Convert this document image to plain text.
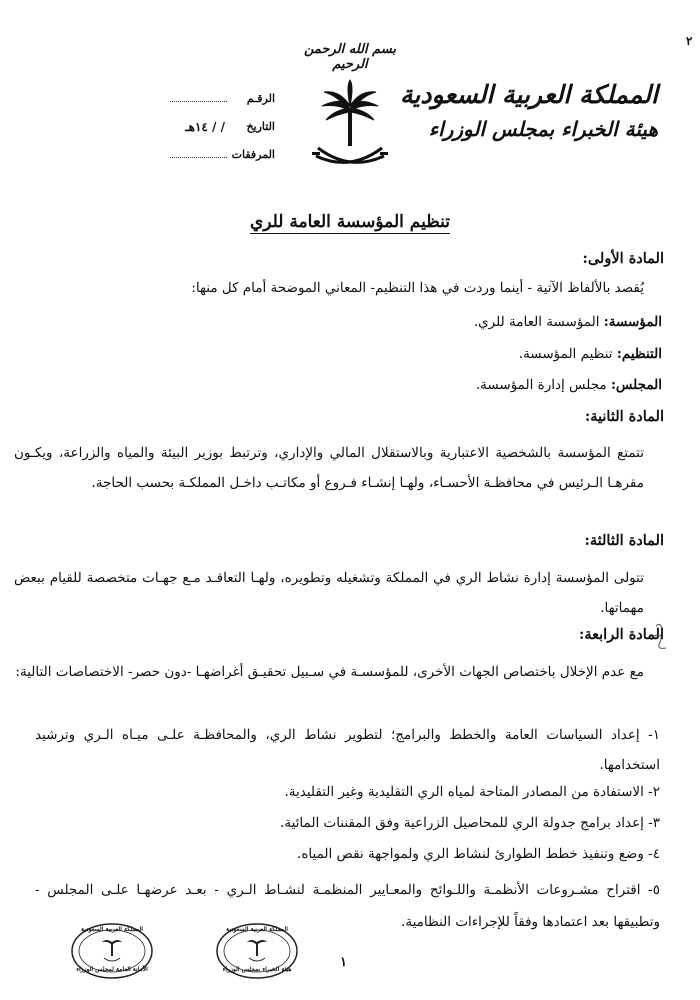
٢
بسم الله الرحمن الرحيم
المملكة العربية السعودية
هيئة الخبراء بمجلس الوزراء
الرقـم
التاريخ
/ / ١٤هـ
المرفقات
تنظيم المؤسسة العامة للري
المادة الأولى:
يُقصد بالألفاظ الآتية - أينما وردت في هذا التنظيم- المعاني الموضحة أمام كل منها:
المؤسسة: المؤسسة العامة للري.
التنظيم: تنظيم المؤسسة.
المجلس: مجلس إدارة المؤسسة.
المادة الثانية:
تتمتع المؤسسة بالشخصية الاعتبارية وبالاستقلال المالي والإداري، وترتبط بوزير البيئة والمياه والزراعة، ويكـون مقرهـا الـرئيس في محافظـة الأحسـاء، ولهـا إنشـاء فـروع أو مكاتـب داخـل المملكـة بحسب الحاجة.
المادة الثالثة:
تتولى المؤسسة إدارة نشاط الري في المملكة وتشغيله وتطويره، ولهـا التعاقـد مـع جهـات متخصصة للقيام ببعض مهماتها.
المادة الرابعة:
مع عدم الإخلال باختصاص الجهات الأخرى، للمؤسسـة في سـبيل تحقيـق أغراضهـا -دون حصر- الاختصاصات التالية:
١- إعداد السياسات العامة والخطط والبرامج؛ لتطوير نشاط الري، والمحافظـة علـى ميـاه الـري وترشيد استخدامها.
٢- الاستفادة من المصادر المتاحة لمياه الري التقليدية وغير التقليدية.
٣- إعداد برامج جدولة الري للمحاصيل الزراعية وفق المقننات المائية.
٤- وضع وتنفيذ خطط الطوارئ لنشاط الري ولمواجهة نقص المياه.
٥- اقتراح مشـروعات الأنظمـة واللـوائح والمعـايير المنظمـة لنشـاط الـري - بعـد عرضهـا علـى المجلس - وتطبيقها بعد اعتمادها وفقاً للإجراءات النظامية.
المملكة العربية السعودية
الأمانة العامة لمجلس الوزراء
المملكة العربية السعودية
هيئة الخبراء بمجلس الوزراء	١
